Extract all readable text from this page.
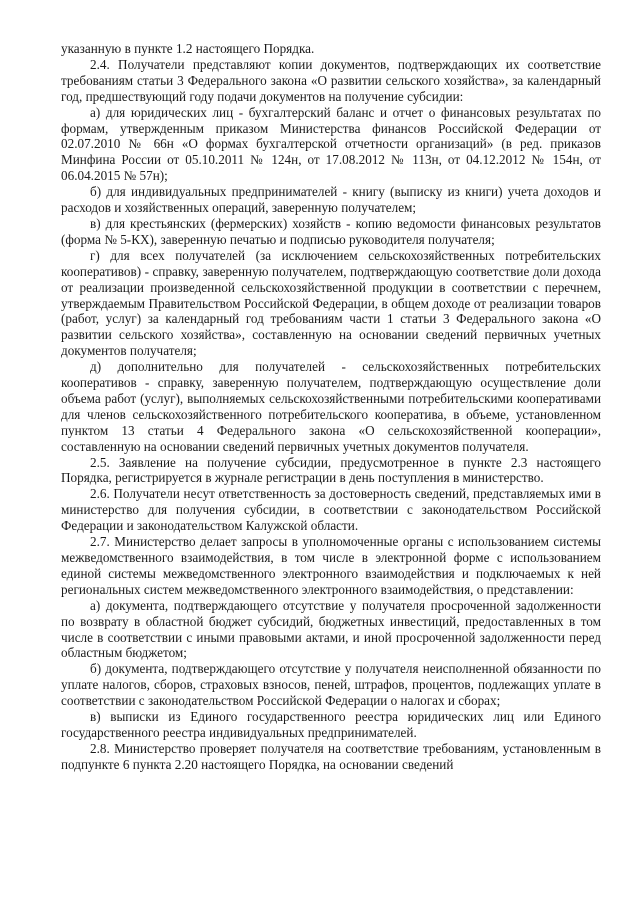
указанную в пункте 1.2 настоящего Порядка.

2.4. Получатели представляют копии документов, подтверждающих их соответствие требованиям статьи 3 Федерального закона «О развитии сельского хозяйства», за календарный год, предшествующий году подачи документов на получение субсидии:

а) для юридических лиц - бухгалтерский баланс и отчет о финансовых результатах по формам, утвержденным приказом Министерства финансов Российской Федерации от 02.07.2010 № 66н «О формах бухгалтерской отчетности организаций» (в ред. приказов Минфина России от 05.10.2011 № 124н, от 17.08.2012 № 113н, от 04.12.2012 № 154н, от 06.04.2015 № 57н);

б) для индивидуальных предпринимателей - книгу (выписку из книги) учета доходов и расходов и хозяйственных операций, заверенную получателем;

в) для крестьянских (фермерских) хозяйств - копию ведомости финансовых результатов (форма № 5-КХ), заверенную печатью и подписью руководителя получателя;

г) для всех получателей (за исключением сельскохозяйственных потребительских кооперативов) - справку, заверенную получателем, подтверждающую соответствие доли дохода от реализации произведенной сельскохозяйственной продукции в соответствии с перечнем, утверждаемым Правительством Российской Федерации, в общем доходе от реализации товаров (работ, услуг) за календарный год требованиям части 1 статьи 3 Федерального закона «О развитии сельского хозяйства», составленную на основании сведений первичных учетных документов получателя;

д) дополнительно для получателей - сельскохозяйственных потребительских кооперативов - справку, заверенную получателем, подтверждающую осуществление доли объема работ (услуг), выполняемых сельскохозяйственными потребительскими кооперативами для членов сельскохозяйственного потребительского кооператива, в объеме, установленном пунктом 13 статьи 4 Федерального закона «О сельскохозяйственной кооперации», составленную на основании сведений первичных учетных документов получателя.

2.5. Заявление на получение субсидии, предусмотренное в пункте 2.3 настоящего Порядка, регистрируется в журнале регистрации в день поступления в министерство.

2.6. Получатели несут ответственность за достоверность сведений, представляемых ими в министерство для получения субсидии, в соответствии с законодательством Российской Федерации и законодательством Калужской области.

2.7. Министерство делает запросы в уполномоченные органы с использованием системы межведомственного взаимодействия, в том числе в электронной форме с использованием единой системы межведомственного электронного взаимодействия и подключаемых к ней региональных систем межведомственного электронного взаимодействия, о представлении:

а) документа, подтверждающего отсутствие у получателя просроченной задолженности по возврату в областной бюджет субсидий, бюджетных инвестиций, предоставленных в том числе в соответствии с иными правовыми актами, и иной просроченной задолженности перед областным бюджетом;

б) документа, подтверждающего отсутствие у получателя неисполненной обязанности по уплате налогов, сборов, страховых взносов, пеней, штрафов, процентов, подлежащих уплате в соответствии с законодательством Российской Федерации о налогах и сборах;

в) выписки из Единого государственного реестра юридических лиц или Единого государственного реестра индивидуальных предпринимателей.

2.8. Министерство проверяет получателя на соответствие требованиям, установленным в подпункте 6 пункта 2.20 настоящего Порядка, на основании сведений
